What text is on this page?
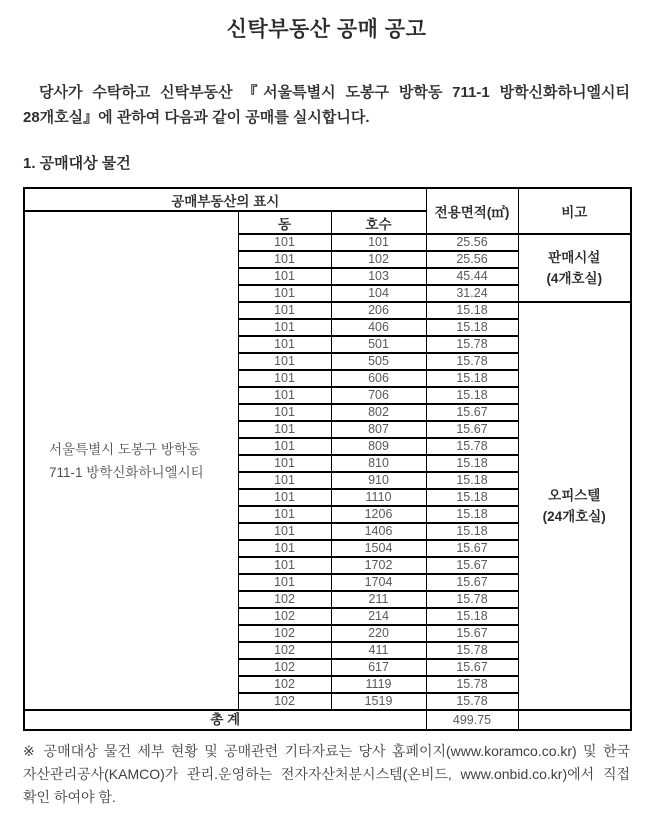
신탁부동산 공매 공고

당사가 수탁하고 신탁부동산 『서울특별시 도봉구 방학동 711-1 방학신화하니엘시티 28개호실』에 관하여 다음과 같이 공매를 실시합니다.

1. 공매대상 물건
공매부동산의 표시			전용면적(㎡)	비고

서울특별시 도봉구 방학동
711-1 방학신화하니엘시티	동	호수		
	101	101	25.56	판매시설
(4개호실)

	101	102	25.56	
	101	103	45.44	
	101	104	31.24	
	101	206	15.18	오피스텔
(24개호실)

	101	406	15.18	
	101	501	15.78	
	101	505	15.78	
	101	606	15.18	
	101	706	15.18	
	101	802	15.67	
	101	807	15.67	
	101	809	15.78	
	101	810	15.18	
	101	910	15.18	
	101	1110	15.18	
	101	1206	15.18	
	101	1406	15.18	
	101	1504	15.67	
	101	1702	15.67	
	101	1704	15.67	
	102	211	15.78	
	102	214	15.18	
	102	220	15.67	
	102	411	15.78	
	102	617	15.67	
	102	1119	15.78	
	102	1519	15.78	
총 계			499.75	

※ 공매대상 물건 세부 현황 및 공매관련 기타자료는 당사 홈페이지(www.koramco.co.kr) 및 한국 자산관리공사(KAMCO)가 관리.운영하는 전자자산처분시스템(온비드, www.onbid.co.kr)에서 직접 확인 하여야 함.
